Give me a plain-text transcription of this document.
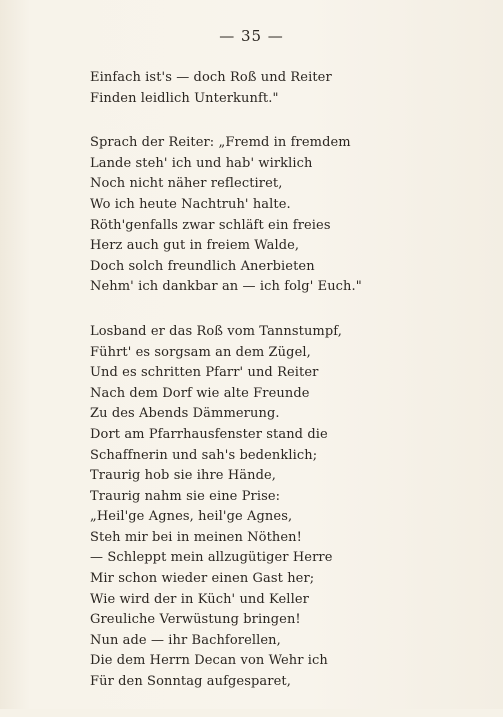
— 35 —
Einfach ist's — doch Roß und Reiter
Finden leidlich Unterkunft."
Sprach der Reiter: „Fremd in fremdem
Lande steh' ich und hab' wirklich
Noch nicht näher reflectiret,
Wo ich heute Nachtruh' halte.
Röth'genfalls zwar schläft ein freies
Herz auch gut in freiem Walde,
Doch solch freundlich Anerbieten
Nehm' ich dankbar an — ich folg' Euch."
Losband er das Roß vom Tannstumpf,
Führt' es sorgsam an dem Zügel,
Und es schritten Pfarr' und Reiter
Nach dem Dorf wie alte Freunde
Zu des Abends Dämmerung.
Dort am Pfarrhausfenster stand die
Schaffnerin und sah's bedenklich;
Traurig hob sie ihre Hände,
Traurig nahm sie eine Prise:
„Heil'ge Agnes, heil'ge Agnes,
Steh mir bei in meinen Nöthen!
— Schleppt mein allzugütiger Herre
Mir schon wieder einen Gast her;
Wie wird der in Küch' und Keller
Greuliche Verwüstung bringen!
Nun ade — ihr Bachforellen,
Die dem Herrn Decan von Wehr ich
Für den Sonntag aufgesparet,
